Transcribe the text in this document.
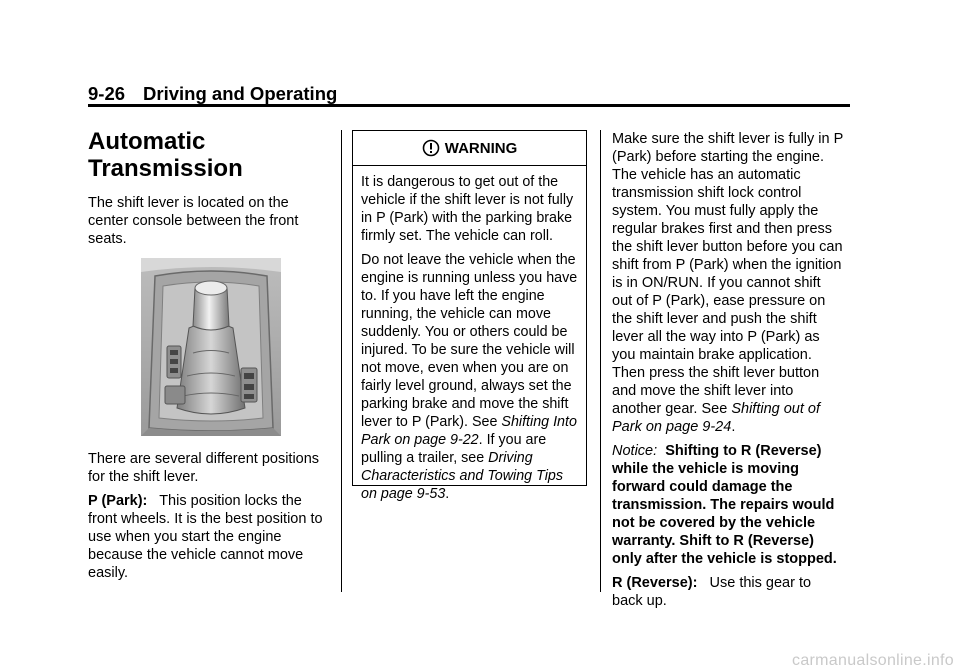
9-26 Driving and Operating
Automatic
Transmission

The shift lever is located on the center console between the front seats.

There are several different positions for the shift lever.

P (Park): This position locks the front wheels. It is the best position to use when you start the engine because the vehicle cannot move easily.

WARNING

It is dangerous to get out of the vehicle if the shift lever is not fully in P (Park) with the parking brake firmly set. The vehicle can roll.

Do not leave the vehicle when the engine is running unless you have to. If you have left the engine running, the vehicle can move suddenly. You or others could be injured. To be sure the vehicle will not move, even when you are on fairly level ground, always set the parking brake and move the shift lever to P (Park). See Shifting Into Park on page 9-22. If you are pulling a trailer, see Driving Characteristics and Towing Tips on page 9-53.

Make sure the shift lever is fully in P (Park) before starting the engine. The vehicle has an automatic transmission shift lock control system. You must fully apply the regular brakes first and then press the shift lever button before you can shift from P (Park) when the ignition is in ON/RUN. If you cannot shift out of P (Park), ease pressure on the shift lever and push the shift lever all the way into P (Park) as you maintain brake application. Then press the shift lever button and move the shift lever into another gear. See Shifting out of Park on page 9-24.

Notice: Shifting to R (Reverse) while the vehicle is moving forward could damage the transmission. The repairs would not be covered by the vehicle warranty. Shift to R (Reverse) only after the vehicle is stopped.

R (Reverse): Use this gear to back up.

carmanualsonline.info
